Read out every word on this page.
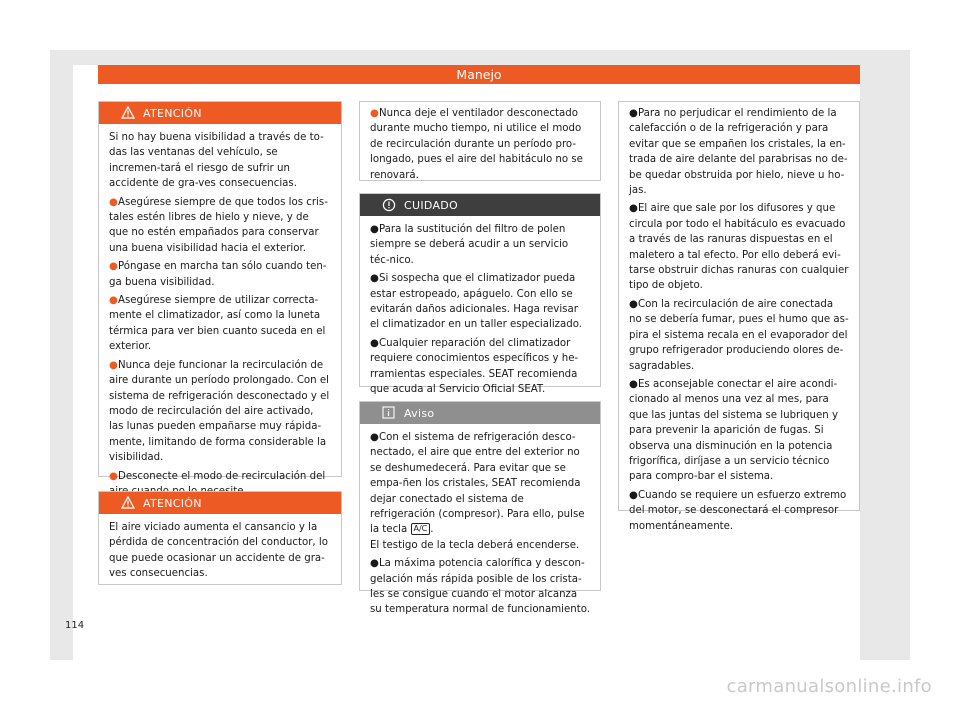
Manejo
ATENCIÓN

Si no hay buena visibilidad a través de to-das las ventanas del vehículo, se incremen-tará el riesgo de sufrir un accidente de gra-ves consecuencias.

●Asegúrese siempre de que todos los cris-tales estén libres de hielo y nieve, y de que no estén empañados para conservar una buena visibilidad hacia el exterior.
●Póngase en marcha tan sólo cuando ten-ga buena visibilidad.
●Asegúrese siempre de utilizar correcta-mente el climatizador, así como la luneta térmica para ver bien cuanto suceda en el exterior.
●Nunca deje funcionar la recirculación de aire durante un período prolongado. Con el sistema de refrigeración desconectado y el modo de recirculación del aire activado, las lunas pueden empañarse muy rápida-mente, limitando de forma considerable la visibilidad.
●Desconecte el modo de recirculación del
ATENCIÓN

El aire viciado aumenta el cansancio y la pérdida de concentración del conductor, lo que puede ocasionar un accidente de gra-ves consecuencias.

●Nunca deje el ventilador desconectado durante mucho tiempo, ni utilice el modo de recirculación durante un período pro-longado, pues el aire del habitáculo no se renovará.
CUIDADO
●Para la sustitución del filtro de polen siempre se deberá acudir a un servicio téc-nico.
●Si sospecha que el climatizador pueda estar estropeado, apáguelo. Con ello se evitarán daños adicionales. Haga revisar el climatizador en un taller especializado.
●Cualquier reparación del climatizador requiere conocimientos específicos y he-rramientas especiales. SEAT recomienda que acuda al Servicio Oficial SEAT.
Aviso
●Con el sistema de refrigeración desco-nectado, el aire que entre del exterior no se deshumedecerá. Para evitar que se empa-ñen los cristales, SEAT recomienda dejar conectado el sistema de refrigeración (compresor). Para ello, pulse la tecla A/C .
El testigo de la tecla deberá encenderse.
●La máxima potencia calorífica y descon-gelación más rápida posible de los crista-les se consigue cuando el motor alcanza su temperatura normal de funcionamiento.
●Para no perjudicar el rendimiento de la calefacción o de la refrigeración y para evitar que se empañen los cristales, la en-trada de aire delante del parabrisas no de-be quedar obstruida por hielo, nieve u ho-jas.
●El aire que sale por los difusores y que circula por todo el habitáculo es evacuado a través de las ranuras dispuestas en el maletero a tal efecto. Por ello deberá evi-tarse obstruir dichas ranuras con cualquier tipo de objeto.
●Con la recirculación de aire conectada no se debería fumar, pues el humo que as-pira el sistema recala en el evaporador del grupo refrigerador produciendo olores de-sagradables.
●Es aconsejable conectar el aire acondi-cionado al menos una vez al mes, para que las juntas del sistema se lubriquen y para prevenir la aparición de fugas. Si observa una disminución en la potencia frigorífica, diríjase a un servicio técnico para compro-bar el sistema.
●Cuando se requiere un esfuerzo extremo del motor, se desconectará el compresor momentáneamente.
114
carmanualsonline.info
